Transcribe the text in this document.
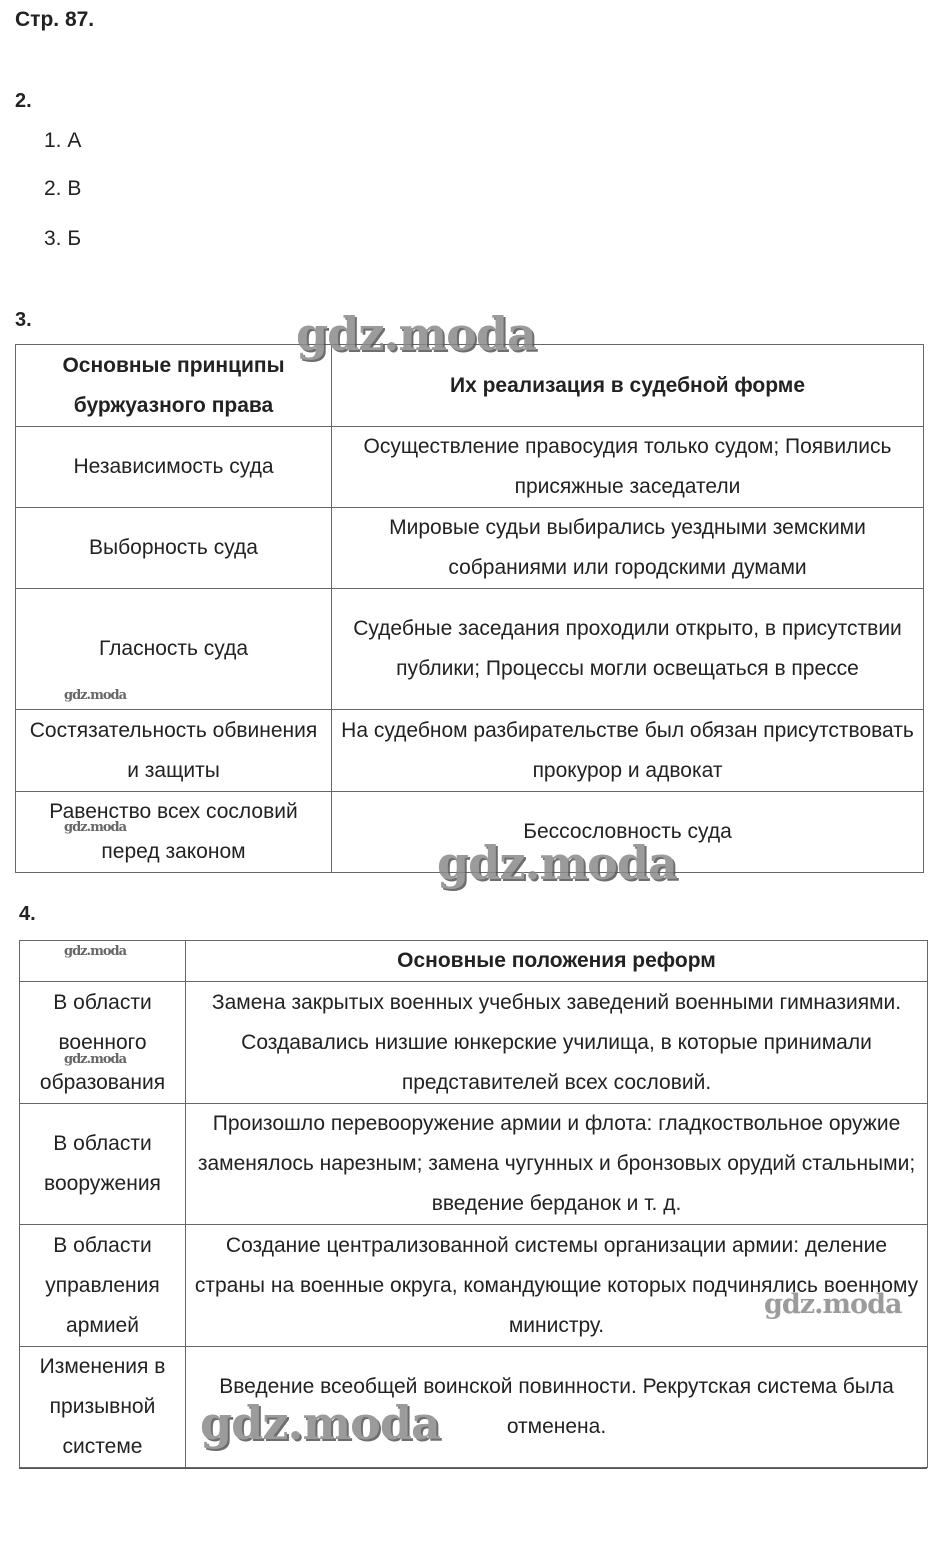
Стр. 87.
2.
1. А
2. В
3. Б
3.
Основные принципы буржуазного права	Их реализация в судебной форме
Независимость суда	Осуществление правосудия только судом; Появились присяжные заседатели
Выборность суда	Мировые судьи выбирались уездными земскими собраниями или городскими думами
Гласность суда	Судебные заседания проходили открыто, в присутствии публики; Процессы могли освещаться в прессе
Состязательность обвинения и защиты	На судебном разбирательстве был обязан присутствовать прокурор и адвокат
Равенство всех сословий перед законом	Бессословность суда
4.
	Основные положения реформ
В области военного образования	Замена закрытых военных учебных заведений военными гимназиями. Создавались низшие юнкерские училища, в которые принимали представителей всех сословий.
В области вооружения	Произошло перевооружение армии и флота: гладкоствольное оружие заменялось нарезным; замена чугунных и бронзовых орудий стальными; введение берданок и т. д.
В области управления армией	Создание централизованной системы организации армии: деление страны на военные округа, командующие которых подчинялись военному министру.
Изменения в призывной системе	Введение всеобщей воинской повинности. Рекрутская система была отменена.
gdz.moda
gdz.moda
gdz.moda
gdz.moda
gdz.moda
gdz.moda
gdz.moda
gdz.moda
